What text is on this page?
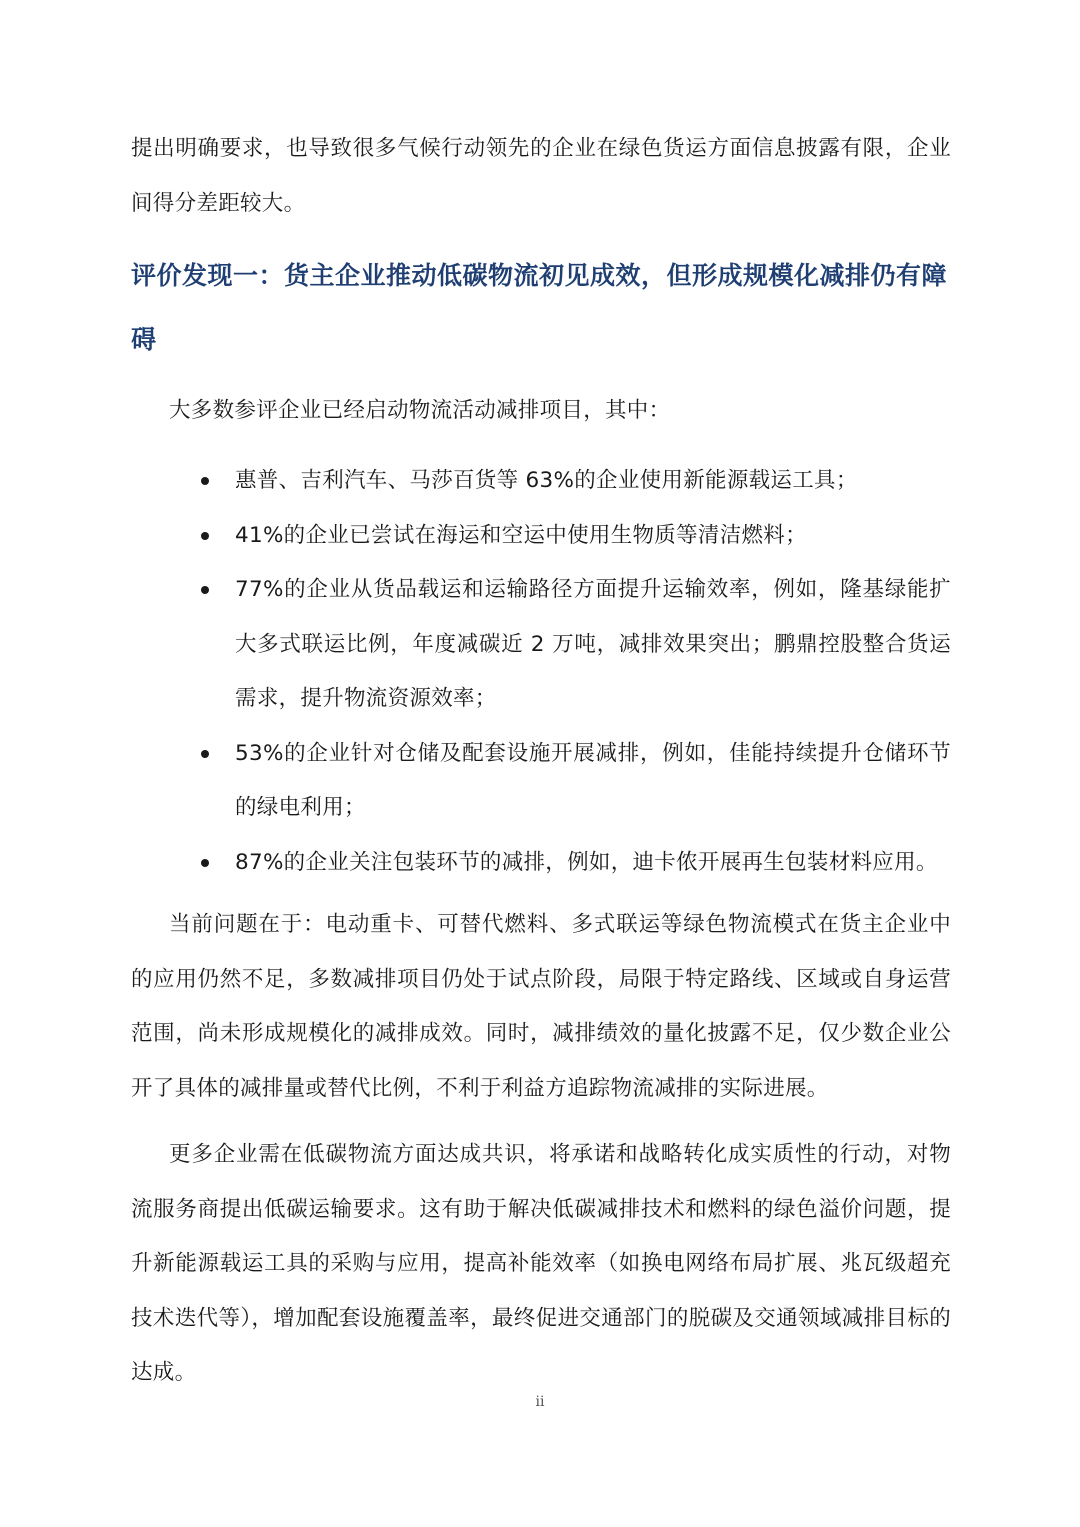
提出明确要求，也导致很多气候行动领先的企业在绿色货运方面信息披露有限，企业间得分差距较大。

评价发现一：货主企业推动低碳物流初见成效，但形成规模化减排仍有障碍

大多数参评企业已经启动物流活动减排项目，其中：

惠普、吉利汽车、马莎百货等 63%的企业使用新能源载运工具；
41%的企业已尝试在海运和空运中使用生物质等清洁燃料；
77%的企业从货品载运和运输路径方面提升运输效率，例如，隆基绿能扩大多式联运比例，年度减碳近 2 万吨，减排效果突出；鹏鼎控股整合货运需求，提升物流资源效率；
53%的企业针对仓储及配套设施开展减排，例如，佳能持续提升仓储环节的绿电利用；
87%的企业关注包装环节的减排，例如，迪卡侬开展再生包装材料应用。

当前问题在于：电动重卡、可替代燃料、多式联运等绿色物流模式在货主企业中的应用仍然不足，多数减排项目仍处于试点阶段，局限于特定路线、区域或自身运营范围，尚未形成规模化的减排成效。同时，减排绩效的量化披露不足，仅少数企业公开了具体的减排量或替代比例，不利于利益方追踪物流减排的实际进展。

更多企业需在低碳物流方面达成共识，将承诺和战略转化成实质性的行动，对物流服务商提出低碳运输要求。这有助于解决低碳减排技术和燃料的绿色溢价问题，提升新能源载运工具的采购与应用，提高补能效率（如换电网络布局扩展、兆瓦级超充技术迭代等），增加配套设施覆盖率，最终促进交通部门的脱碳及交通领域减排目标的达成。

ii
